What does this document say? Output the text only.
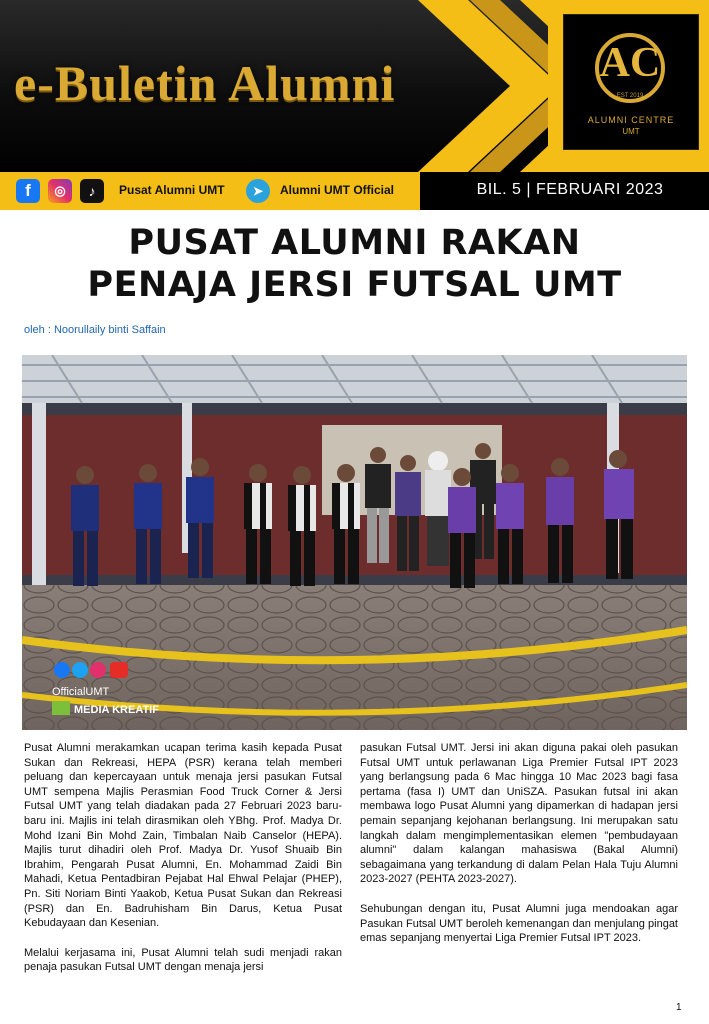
e-Buletin Alumni	AC
EST 2019
ALUMNI CENTRE
UMT
f	◎	♪	Pusat Alumni UMT	➤	Alumni UMT Official	BIL. 5 | FEBRUARI 2023
PUSAT ALUMNI RAKAN
PENAJA JERSI FUTSAL UMT
oleh : Noorullaily binti Saffain
OfficialUMT
MEDIA KREATIF

Pusat Alumni merakamkan ucapan terima kasih kepada Pusat Sukan dan Rekreasi, HEPA (PSR) kerana telah memberi peluang dan kepercayaan untuk menaja jersi pasukan Futsal UMT sempena Majlis Perasmian Food Truck Corner & Jersi Futsal UMT yang telah diadakan pada 27 Februari 2023 baru-baru ini. Majlis ini telah dirasmikan oleh YBhg. Prof. Madya Dr. Mohd Izani Bin Mohd Zain, Timbalan Naib Canselor (HEPA). Majlis turut dihadiri oleh Prof. Madya Dr. Yusof Shuaib Bin Ibrahim, Pengarah Pusat Alumni, En. Mohammad Zaidi Bin Mahadi, Ketua Pentadbiran Pejabat Hal Ehwal Pelajar (PHEP), Pn. Siti Noriam Binti Yaakob, Ketua Pusat Sukan dan Rekreasi (PSR) dan En. Badruhisham Bin Darus, Ketua Pusat Kebudayaan dan Kesenian.

Melalui kerjasama ini, Pusat Alumni telah sudi menjadi rakan penaja pasukan Futsal UMT dengan menaja jersi

pasukan Futsal UMT. Jersi ini akan diguna pakai oleh pasukan Futsal UMT untuk perlawanan Liga Premier Futsal IPT 2023 yang berlangsung pada 6 Mac hingga 10 Mac 2023 bagi fasa pertama (fasa I) UMT dan UniSZA. Pasukan futsal ini akan membawa logo Pusat Alumni yang dipamerkan di hadapan jersi pemain sepanjang kejohanan berlangsung. Ini merupakan satu langkah dalam mengimplementasikan elemen "pembudayaan alumni" dalam kalangan mahasiswa (Bakal Alumni) sebagaimana yang terkandung di dalam Pelan Hala Tuju Alumni 2023-2027 (PEHTA 2023-2027).

Sehubungan dengan itu, Pusat Alumni juga mendoakan agar Pasukan Futsal UMT beroleh kemenangan dan menjulang pingat emas sepanjang menyertai Liga Premier Futsal IPT 2023.

1
